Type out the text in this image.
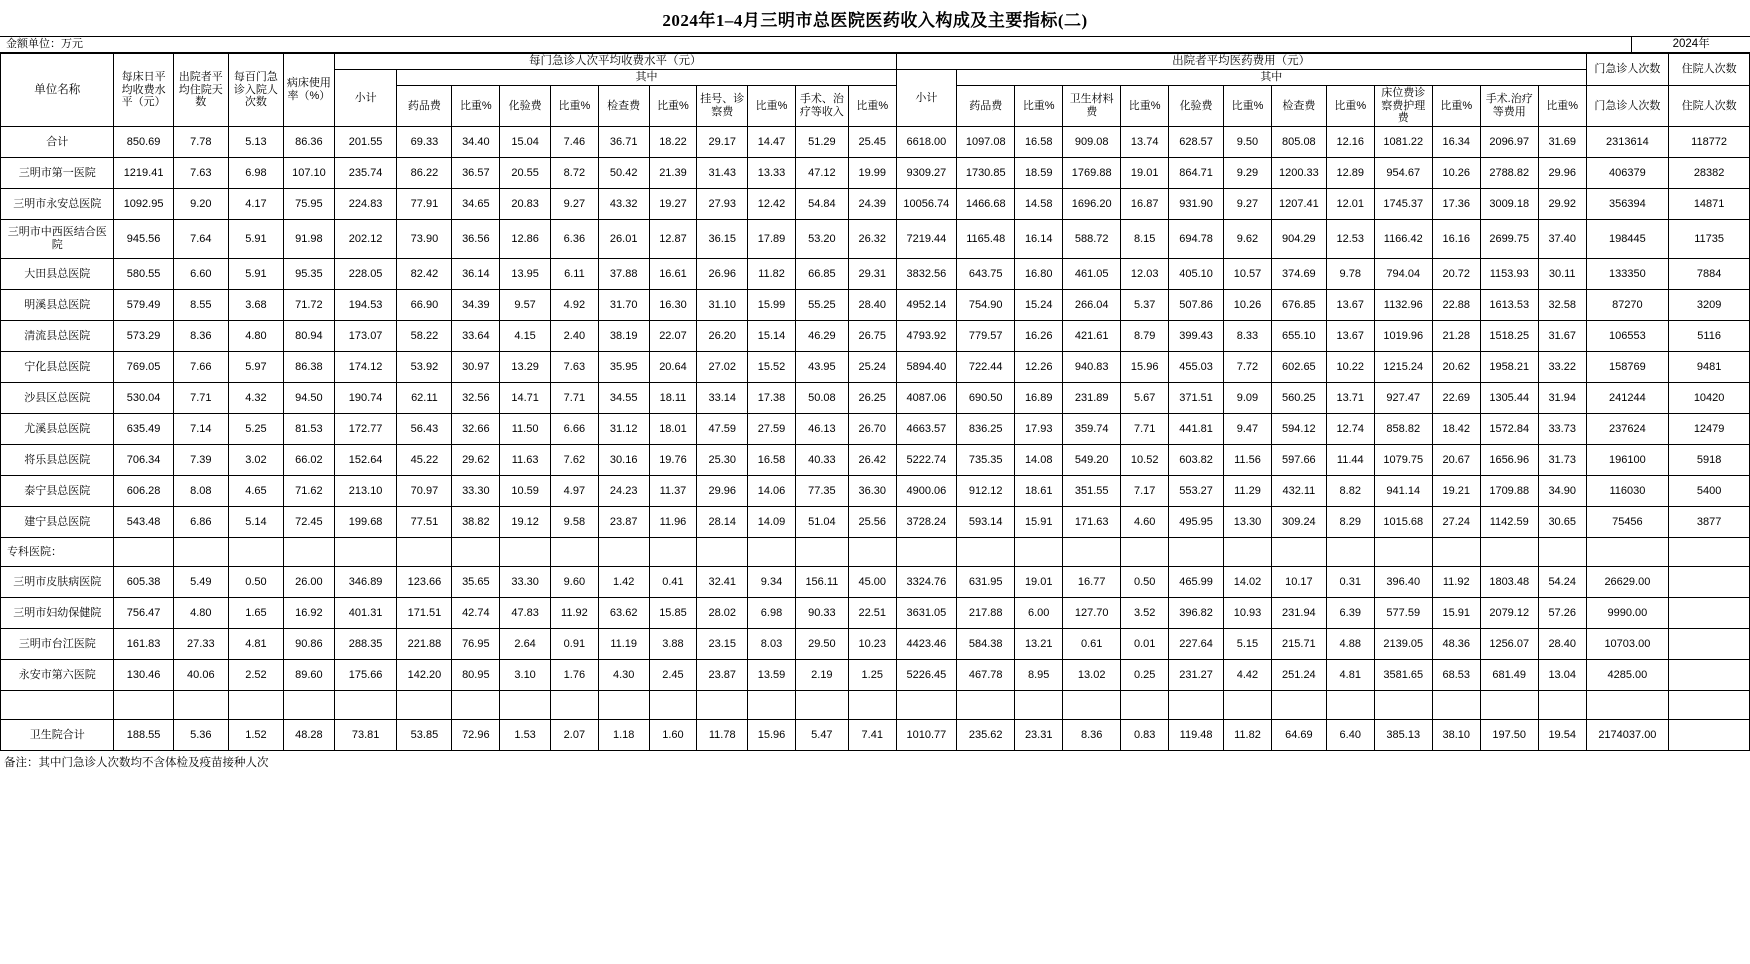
2024年1–4月三明市总医院医药收入构成及主要指标(二)
金额单位：万元	2024年
单位名称	每床日平均收费水平（元）	出院者平均住院天数	每百门急诊入院人次数	病床使用率（%）	每门急诊人次平均收费水平（元）											出院者平均医药费用（元）													门急诊人次数	住院人次数
					小计	其中										小计	其中													
						药品费	比重%	化验费	比重%	检查费	比重%	挂号、诊察费	比重%	手术、治疗等收入	比重%		药品费	比重%	卫生材料费	比重%	化验费	比重%	检查费	比重%	床位费诊察费护理费	比重%	手术.治疗等费用	比重%		
																													门急诊人次数	住院人次数
合计	850.69	7.78	5.13	86.36	201.55	69.33	34.40	15.04	7.46	36.71	18.22	29.17	14.47	51.29	25.45	6618.00	1097.08	16.58	909.08	13.74	628.57	9.50	805.08	12.16	1081.22	16.34	2096.97	31.69	2313614	118772
三明市第一医院	1219.41	7.63	6.98	107.10	235.74	86.22	36.57	20.55	8.72	50.42	21.39	31.43	13.33	47.12	19.99	9309.27	1730.85	18.59	1769.88	19.01	864.71	9.29	1200.33	12.89	954.67	10.26	2788.82	29.96	406379	28382
三明市永安总医院	1092.95	9.20	4.17	75.95	224.83	77.91	34.65	20.83	9.27	43.32	19.27	27.93	12.42	54.84	24.39	10056.74	1466.68	14.58	1696.20	16.87	931.90	9.27	1207.41	12.01	1745.37	17.36	3009.18	29.92	356394	14871
三明市中西医结合医院	945.56	7.64	5.91	91.98	202.12	73.90	36.56	12.86	6.36	26.01	12.87	36.15	17.89	53.20	26.32	7219.44	1165.48	16.14	588.72	8.15	694.78	9.62	904.29	12.53	1166.42	16.16	2699.75	37.40	198445	11735
大田县总医院	580.55	6.60	5.91	95.35	228.05	82.42	36.14	13.95	6.11	37.88	16.61	26.96	11.82	66.85	29.31	3832.56	643.75	16.80	461.05	12.03	405.10	10.57	374.69	9.78	794.04	20.72	1153.93	30.11	133350	7884
明溪县总医院	579.49	8.55	3.68	71.72	194.53	66.90	34.39	9.57	4.92	31.70	16.30	31.10	15.99	55.25	28.40	4952.14	754.90	15.24	266.04	5.37	507.86	10.26	676.85	13.67	1132.96	22.88	1613.53	32.58	87270	3209
清流县总医院	573.29	8.36	4.80	80.94	173.07	58.22	33.64	4.15	2.40	38.19	22.07	26.20	15.14	46.29	26.75	4793.92	779.57	16.26	421.61	8.79	399.43	8.33	655.10	13.67	1019.96	21.28	1518.25	31.67	106553	5116
宁化县总医院	769.05	7.66	5.97	86.38	174.12	53.92	30.97	13.29	7.63	35.95	20.64	27.02	15.52	43.95	25.24	5894.40	722.44	12.26	940.83	15.96	455.03	7.72	602.65	10.22	1215.24	20.62	1958.21	33.22	158769	9481
沙县区总医院	530.04	7.71	4.32	94.50	190.74	62.11	32.56	14.71	7.71	34.55	18.11	33.14	17.38	50.08	26.25	4087.06	690.50	16.89	231.89	5.67	371.51	9.09	560.25	13.71	927.47	22.69	1305.44	31.94	241244	10420
尤溪县总医院	635.49	7.14	5.25	81.53	172.77	56.43	32.66	11.50	6.66	31.12	18.01	47.59	27.59	46.13	26.70	4663.57	836.25	17.93	359.74	7.71	441.81	9.47	594.12	12.74	858.82	18.42	1572.84	33.73	237624	12479
将乐县总医院	706.34	7.39	3.02	66.02	152.64	45.22	29.62	11.63	7.62	30.16	19.76	25.30	16.58	40.33	26.42	5222.74	735.35	14.08	549.20	10.52	603.82	11.56	597.66	11.44	1079.75	20.67	1656.96	31.73	196100	5918
泰宁县总医院	606.28	8.08	4.65	71.62	213.10	70.97	33.30	10.59	4.97	24.23	11.37	29.96	14.06	77.35	36.30	4900.06	912.12	18.61	351.55	7.17	553.27	11.29	432.11	8.82	941.14	19.21	1709.88	34.90	116030	5400
建宁县总医院	543.48	6.86	5.14	72.45	199.68	77.51	38.82	19.12	9.58	23.87	11.96	28.14	14.09	51.04	25.56	3728.24	593.14	15.91	171.63	4.60	495.95	13.30	309.24	8.29	1015.68	27.24	1142.59	30.65	75456	3877
专科医院：																														
三明市皮肤病医院	605.38	5.49	0.50	26.00	346.89	123.66	35.65	33.30	9.60	1.42	0.41	32.41	9.34	156.11	45.00	3324.76	631.95	19.01	16.77	0.50	465.99	14.02	10.17	0.31	396.40	11.92	1803.48	54.24	26629.00	
三明市妇幼保健院	756.47	4.80	1.65	16.92	401.31	171.51	42.74	47.83	11.92	63.62	15.85	28.02	6.98	90.33	22.51	3631.05	217.88	6.00	127.70	3.52	396.82	10.93	231.94	6.39	577.59	15.91	2079.12	57.26	9990.00	
三明市台江医院	161.83	27.33	4.81	90.86	288.35	221.88	76.95	2.64	0.91	11.19	3.88	23.15	8.03	29.50	10.23	4423.46	584.38	13.21	0.61	0.01	227.64	5.15	215.71	4.88	2139.05	48.36	1256.07	28.40	10703.00	
永安市第六医院	130.46	40.06	2.52	89.60	175.66	142.20	80.95	3.10	1.76	4.30	2.45	23.87	13.59	2.19	1.25	5226.45	467.78	8.95	13.02	0.25	231.27	4.42	251.24	4.81	3581.65	68.53	681.49	13.04	4285.00	

卫生院合计	188.55	5.36	1.52	48.28	73.81	53.85	72.96	1.53	2.07	1.18	1.60	11.78	15.96	5.47	7.41	1010.77	235.62	23.31	8.36	0.83	119.48	11.82	64.69	6.40	385.13	38.10	197.50	19.54	2174037.00	
备注：其中门急诊人次数均不含体检及疫苗接种人次
